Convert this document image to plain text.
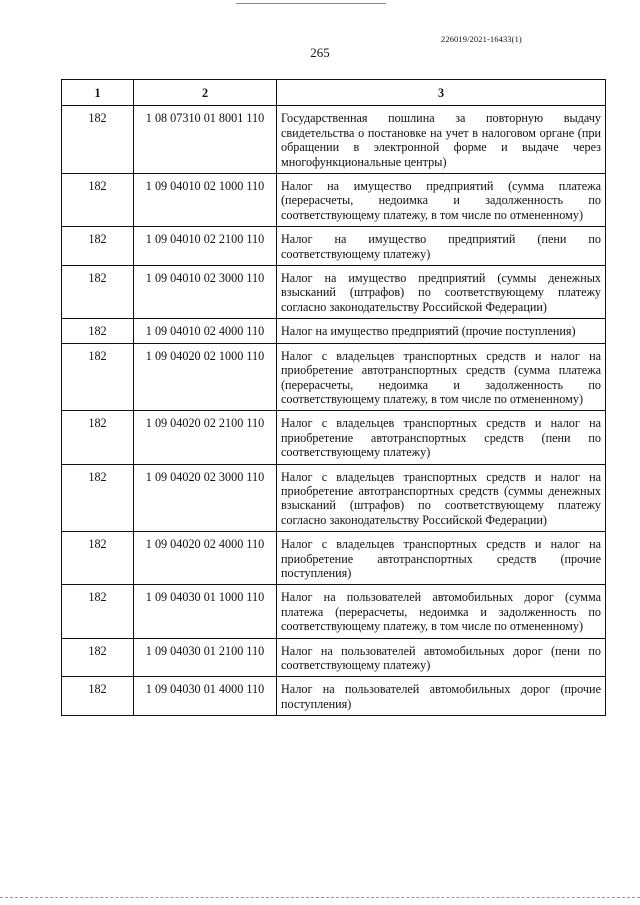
226019/2021-16433(1)
265
1	2	3
182	1 08 07310 01 8001 110	Государственная пошлина за повторную выдачу свидетельства о постановке на учет в налоговом органе (при обращении в электронной форме и выдаче через многофункциональные центры)
182	1 09 04010 02 1000 110	Налог на имущество предприятий (сумма платежа (перерасчеты, недоимка и задолженность по соответствующему платежу, в том числе по отмененному)
182	1 09 04010 02 2100 110	Налог на имущество предприятий (пени по соответствующему платежу)
182	1 09 04010 02 3000 110	Налог на имущество предприятий (суммы денежных взысканий (штрафов) по соответствующему платежу согласно законодательству Российской Федерации)
182	1 09 04010 02 4000 110	Налог на имущество предприятий (прочие поступления)
182	1 09 04020 02 1000 110	Налог с владельцев транспортных средств и налог на приобретение автотранспортных средств (сумма платежа (перерасчеты, недоимка и задолженность по соответствующему платежу, в том числе по отмененному)
182	1 09 04020 02 2100 110	Налог с владельцев транспортных средств и налог на приобретение автотранспортных средств (пени по соответствующему платежу)
182	1 09 04020 02 3000 110	Налог с владельцев транспортных средств и налог на приобретение автотранспортных средств (суммы денежных взысканий (штрафов) по соответствующему платежу согласно законодательству Российской Федерации)
182	1 09 04020 02 4000 110	Налог с владельцев транспортных средств и налог на приобретение автотранспортных средств (прочие поступления)
182	1 09 04030 01 1000 110	Налог на пользователей автомобильных дорог (сумма платежа (перерасчеты, недоимка и задолженность по соответствующему платежу, в том числе по отмененному)
182	1 09 04030 01 2100 110	Налог на пользователей автомобильных дорог (пени по соответствующему платежу)
182	1 09 04030 01 4000 110	Налог на пользователей автомобильных дорог (прочие поступления)
